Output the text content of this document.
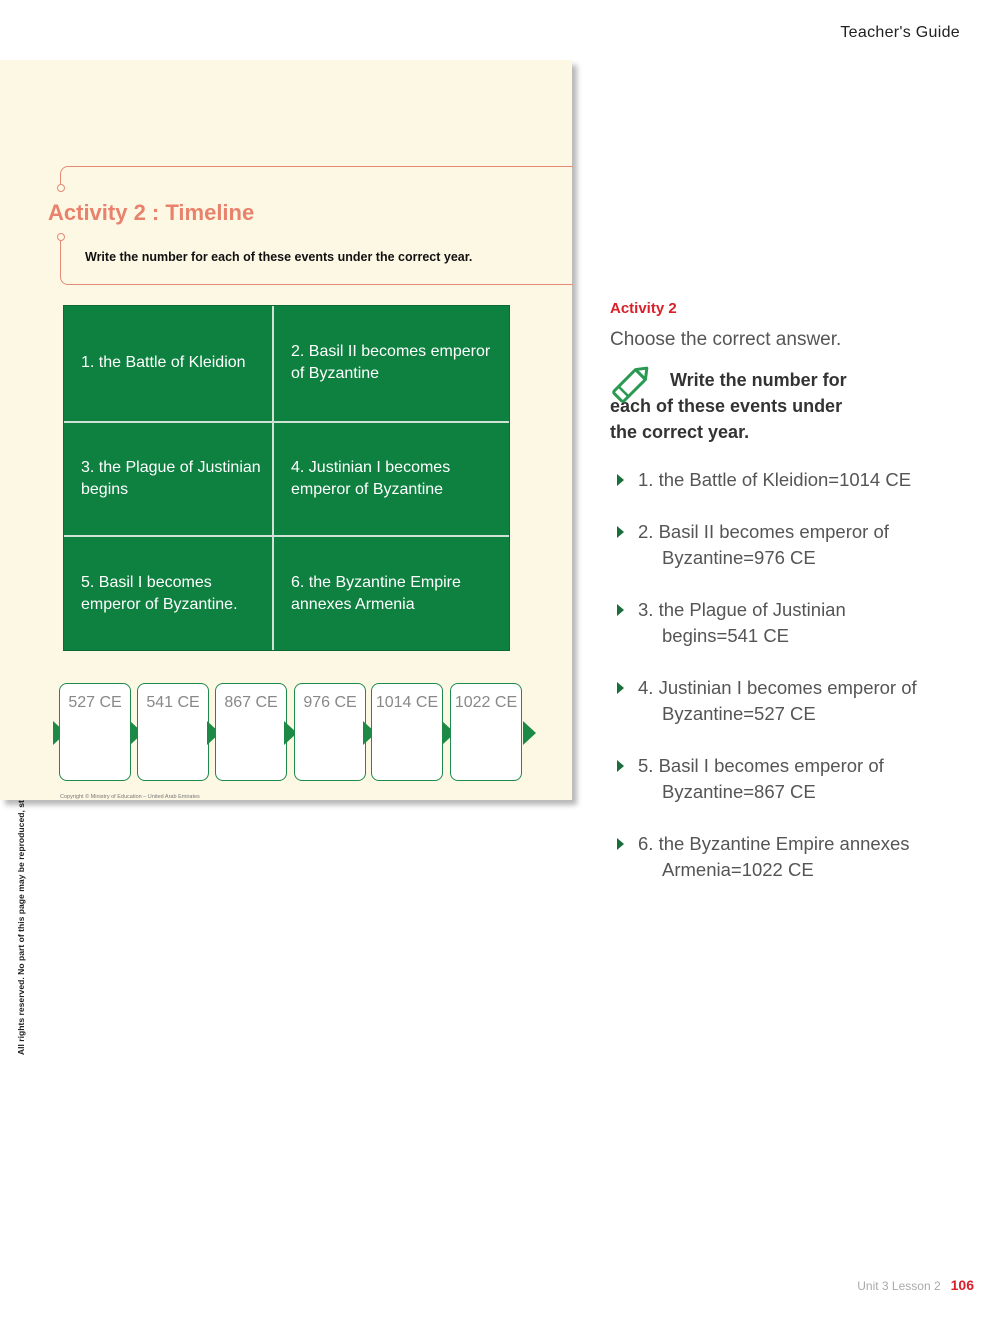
Teacher's Guide
Activity 2 : Timeline
Write the number for each of these events under the correct year.
1. the Battle of Kleidion
2. Basil II becomes emperor of Byzantine
3. the Plague of Justinian begins
4. Justinian I becomes emperor of Byzantine
5. Basil I becomes emperor of Byzantine.
6. the Byzantine Empire annexes Armenia
527 CE	541 CE	867 CE	976 CE	1014 CE 1022 CE
Copyright © Ministry of Education – United Arab Emirates
Activity 2
Choose the correct answer.
Write the number for
each of these events under
the correct year.
1. the Battle of Kleidion=1014 CE
2. Basil II becomes emperor of
Byzantine=976 CE
3. the Plague of Justinian
begins=541 CE
4. Justinian I becomes emperor of
Byzantine=527 CE
5. Basil I becomes emperor of
Byzantine=867 CE
6. the Byzantine Empire annexes
Armenia=1022 CE
Unit 3 Lesson 2 106
